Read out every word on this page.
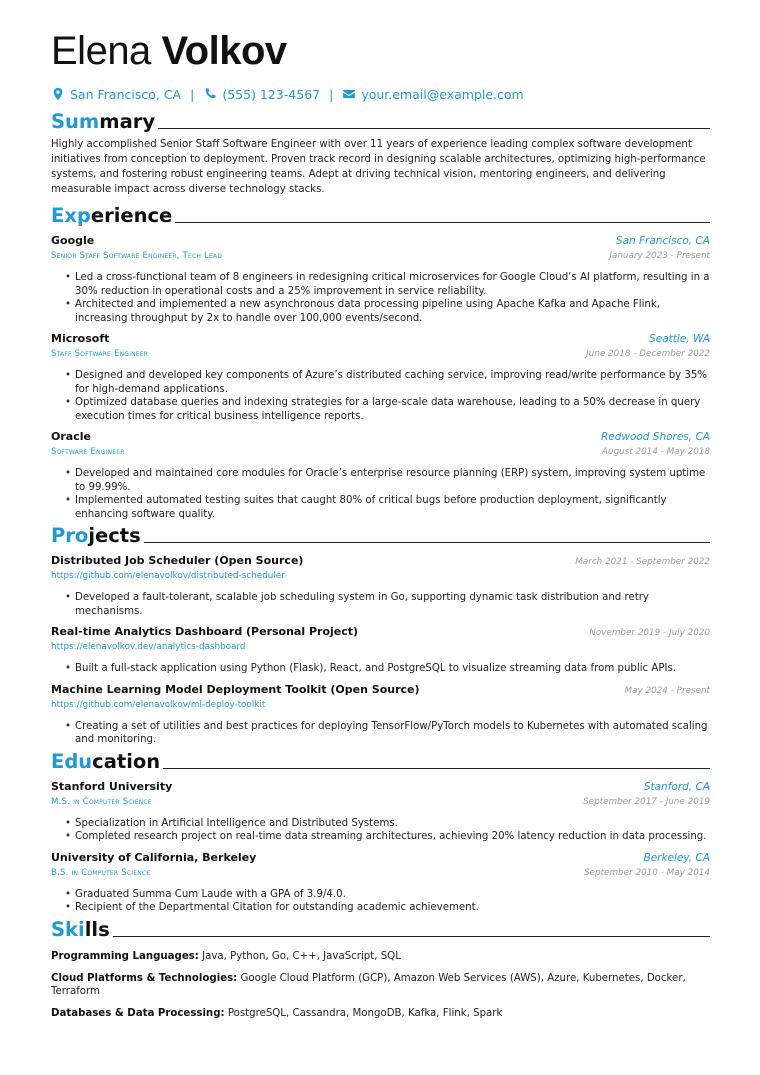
Elena Volkov
San Francisco, CA | (555) 123-4567 | your.email@example.com
Summary

Highly accomplished Senior Staff Software Engineer with over 11 years of experience leading complex software development initiatives from conception to deployment. Proven track record in designing scalable architectures, optimizing high-performance systems, and fostering robust engineering teams. Adept at driving technical vision, mentoring engineers, and delivering measurable impact across diverse technology stacks.

Experience
Google	San Francisco, CA
Senior Staff Software Engineer, Tech Lead	January 2023 - Present
• Led a cross-functional team of 8 engineers in redesigning critical microservices for Google Cloud’s AI platform, resulting in a 30% reduction in operational costs and a 25% improvement in service reliability.
• Architected and implemented a new asynchronous data processing pipeline using Apache Kafka and Apache Flink, increasing throughput by 2x to handle over 100,000 events/second.
Microsoft	Seattle, WA
Staff Software Engineer	June 2018 - December 2022
• Designed and developed key components of Azure’s distributed caching service, improving read/write performance by 35% for high-demand applications.
• Optimized database queries and indexing strategies for a large-scale data warehouse, leading to a 50% decrease in query execution times for critical business intelligence reports.
Oracle	Redwood Shores, CA
Software Engineer	August 2014 - May 2018
• Developed and maintained core modules for Oracle’s enterprise resource planning (ERP) system, improving system uptime to 99.99%.
• Implemented automated testing suites that caught 80% of critical bugs before production deployment, significantly enhancing software quality.
Projects
Distributed Job Scheduler (Open Source)	March 2021 - September 2022
https://github.com/elenavolkov/distributed-scheduler
• Developed a fault-tolerant, scalable job scheduling system in Go, supporting dynamic task distribution and retry mechanisms.
Real-time Analytics Dashboard (Personal Project)	November 2019 - July 2020
https://elenavolkov.dev/analytics-dashboard
• Built a full-stack application using Python (Flask), React, and PostgreSQL to visualize streaming data from public APIs.
Machine Learning Model Deployment Toolkit (Open Source)	May 2024 - Present
https://github.com/elenavolkov/ml-deploy-toolkit
• Creating a set of utilities and best practices for deploying TensorFlow/PyTorch models to Kubernetes with automated scaling and monitoring.
Education
Stanford University	Stanford, CA
M.S. in Computer Science	September 2017 - June 2019
• Specialization in Artificial Intelligence and Distributed Systems.
• Completed research project on real-time data streaming architectures, achieving 20% latency reduction in data processing.
University of California, Berkeley	Berkeley, CA
B.S. in Computer Science	September 2010 - May 2014
• Graduated Summa Cum Laude with a GPA of 3.9/4.0.
• Recipient of the Departmental Citation for outstanding academic achievement.
Skills
Programming Languages: Java, Python, Go, C++, JavaScript, SQL
Cloud Platforms & Technologies: Google Cloud Platform (GCP), Amazon Web Services (AWS), Azure, Kubernetes, Docker, Terraform
Databases & Data Processing: PostgreSQL, Cassandra, MongoDB, Kafka, Flink, Spark
